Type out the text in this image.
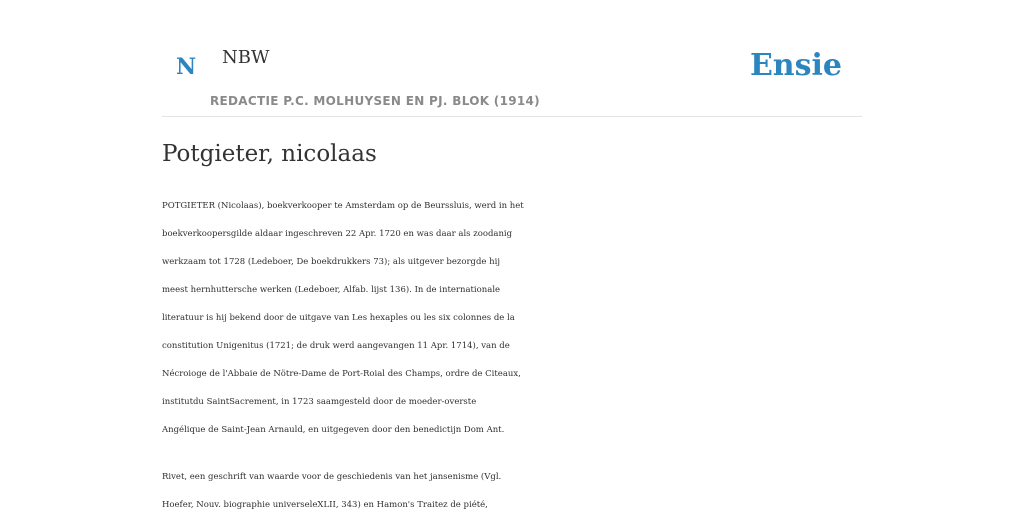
N NBW
REDACTIE P.C. MOLHUYSEN EN PJ. BLOK (1914)
Ensie
Potgieter, nicolaas

POTGIETER (Nicolaas), boekverkooper te Amsterdam op de Beurssluis, werd in het
boekverkoopersgilde aldaar ingeschreven 22 Apr. 1720 en was daar als zoodanig
werkzaam tot 1728 (Ledeboer, De boekdrukkers 73); als uitgever bezorgde hij
meest hernhuttersche werken (Ledeboer, Alfab. lijst 136). In de internationale
literatuur is hij bekend door de uitgave van Les hexaples ou les six colonnes de la
constitution Unigenitus (1721; de druk werd aangevangen 11 Apr. 1714), van de
Nécroioge de l'Abbaie de Nötre-Dame de Port-Roial des Champs, ordre de Citeaux,
institutdu SaintSacrement, in 1723 saamgesteld door de moeder-overste
Angélique de Saint-Jean Arnauld, en uitgegeven door den benedictijn Dom Ant.

Rivet, een geschrift van waarde voor de geschiedenis van het jansenisme (Vgl.
Hoefer, Nouv. biographie universeleXLII, 343) en Hamon's Traitez de piété,
